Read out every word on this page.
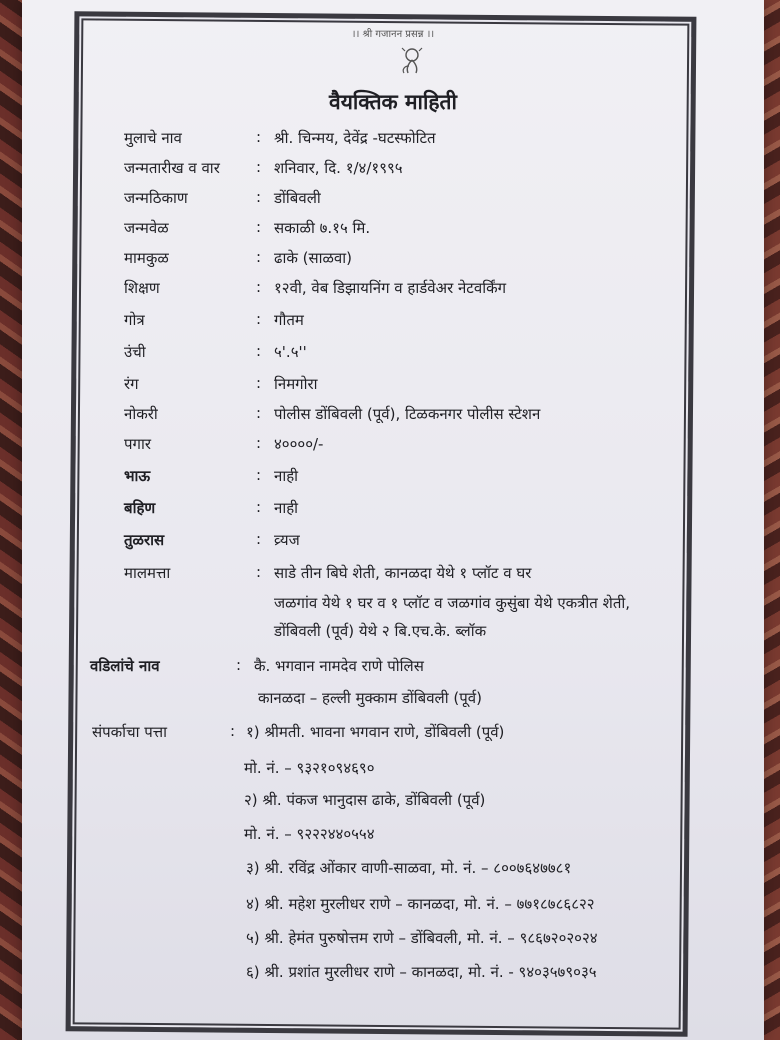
।। श्री गजानन प्रसन्न ।।
वैयक्तिक माहिती
मुलाचे नाव	: श्री. चिन्मय, देवेंद्र -घटस्फोटित
जन्मतारीख व वार : शनिवार, दि. १/४/१९९५
जन्मठिकाण	: डोंबिवली
जन्मवेळ	: सकाळी ७.१५ मि.
मामकुळ	: ढाके (साळवा)
शिक्षण	: १२वी, वेब डिझायनिंग व हार्डवेअर नेटवर्किंग
गोत्र	: गौतम
उंची	: ५'.५''
रंग	: निमगोरा
नोकरी	: पोलीस डोंबिवली (पूर्व), टिळकनगर पोलीस स्टेशन
पगार	: ४००००/-
भाऊ	: नाही
बहिण	: नाही
तुळरास	: व्र्यज
मालमत्ता	: साडे तीन बिघे शेती, कानळदा येथे १ प्लॉट व घर
जळगांव येथे १ घर व १ प्लॉट व जळगांव कुसुंबा येथे एकत्रीत शेती,
डोंबिवली (पूर्व) येथे २ बि.एच.के. ब्लॉक
वडिलांचे नाव	: कै. भगवान नामदेव राणे पोलिस
कानळदा – हल्ली मुक्काम डोंबिवली (पूर्व)
संपर्काचा पत्ता	: १) श्रीमती. भावना भगवान राणे, डोंबिवली (पूर्व)
मो. नं. – ९३२१०९४६९०
२) श्री. पंकज भानुदास ढाके, डोंबिवली (पूर्व)
मो. नं. – ९२२२४४०५५४
३) श्री. रविंद्र ओंकार वाणी-साळवा, मो. नं. – ८००७६४७७८१
४) श्री. महेश मुरलीधर राणे – कानळदा, मो. नं. – ७७१८७८६८२२
५) श्री. हेमंत पुरुषोत्तम राणे – डोंबिवली, मो. नं. – ९८६७२०२०२४
६) श्री. प्रशांत मुरलीधर राणे – कानळदा, मो. नं. - ९४०३५७९०३५
